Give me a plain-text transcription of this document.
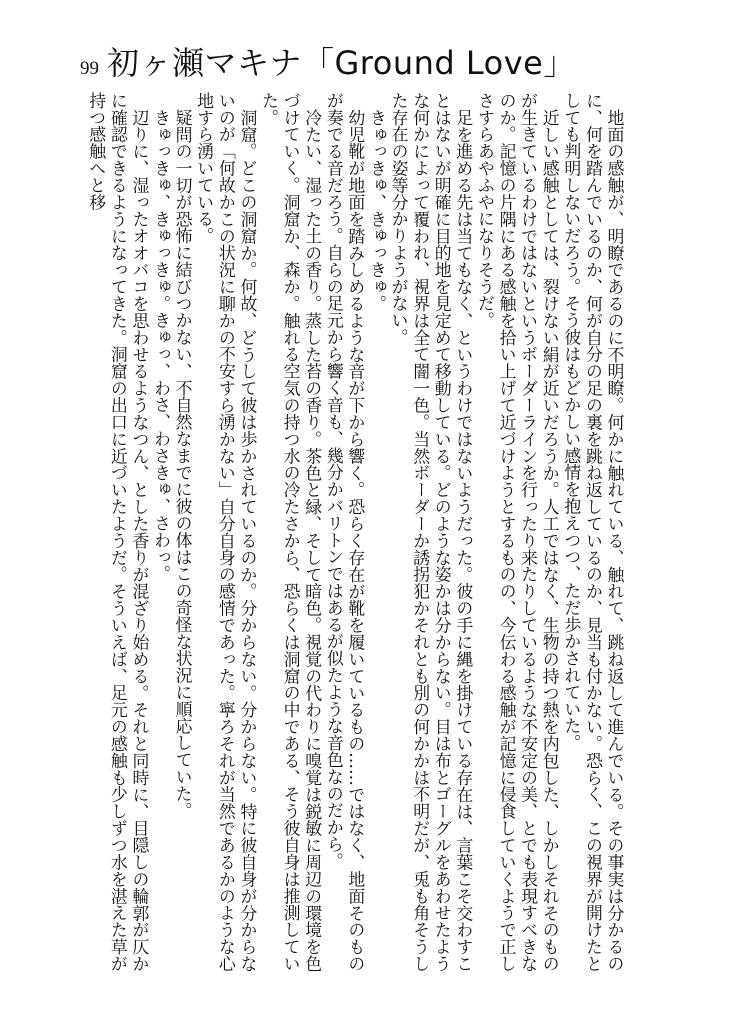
99 初ヶ瀬マキナ「Ground Love」

地面の感触が、明瞭であるのに不明瞭。何かに触れている、触れて、跳ね返して進んでいる。その事実は分かるのに、何を踏んでいるのか、何が自分の足の裏を跳ね返しているのか、見当も付かない。恐らく、この視界が開けたとしても判明しないだろう。そう彼はもどかしい感情を抱えつつ、ただ歩かされていた。

近しい感触としては、裂けない絹が近いだろうか。人工ではなく、生物の持つ熱を内包した、しかしそれそのものが生きているわけではないというボーダーラインを行ったり来たりしているような不安定の美、とでも表現すべきなのか。記憶の片隅にある感触を拾い上げて近づけようとするものの、今伝わる感触が記憶に侵食していくようで正しさすらあやふやになりそうだ。

足を進める先は当てもなく、というわけではないようだった。彼の手に縄を掛けている存在は、言葉こそ交わすことはないが明確に目的地を見定めて移動している。どのような姿かは分からない。目は布とゴーグルをあわせたような何かによって覆われ、視界は全て闇一色。当然ボーダーか誘拐犯かそれとも別の何かかは不明だが、兎も角そうした存在の姿等分かりようがない。

きゅっきゅ、きゅっきゅ。

幼児靴が地面を踏みしめるような音が下から響く。恐らく存在が靴を履いているもの……ではなく、地面そのものが奏でる音だろう。自らの足元から響く音も、幾分かバリトンではあるが似たような音色なのだから。

冷たい、湿った土の香り。蒸した苔の香り。茶色と緑、そして暗色。視覚の代わりに嗅覚は鋭敏に周辺の環境を色づけていく。洞窟か、森か。触れる空気の持つ水の冷たさから、恐らくは洞窟の中である、そう彼自身は推測していた。

洞窟。どこの洞窟か。何故、どうして彼は歩かされているのか。分からない。分からない。特に彼自身が分からないのが「何故かこの状況に聊かの不安すら湧かない」自分自身の感情であった。寧ろそれが当然であるかのような心地すら湧いている。

疑問の一切が恐怖に結びつかない、不自然なまでに彼の体はこの奇怪な状況に順応していた。

きゅっきゅ、きゅっきゅ。きゅっ、わさ、わさきゅ、さわっ。

辺りに、湿ったオオバコを思わせるようなつん、とした香りが混ざり始める。それと同時に、目隠しの輪郭が仄かに確認できるようになってきた。洞窟の出口に近づいたようだ。そういえば、足元の感触も少しずつ水を湛えた草が持つ感触へと移
